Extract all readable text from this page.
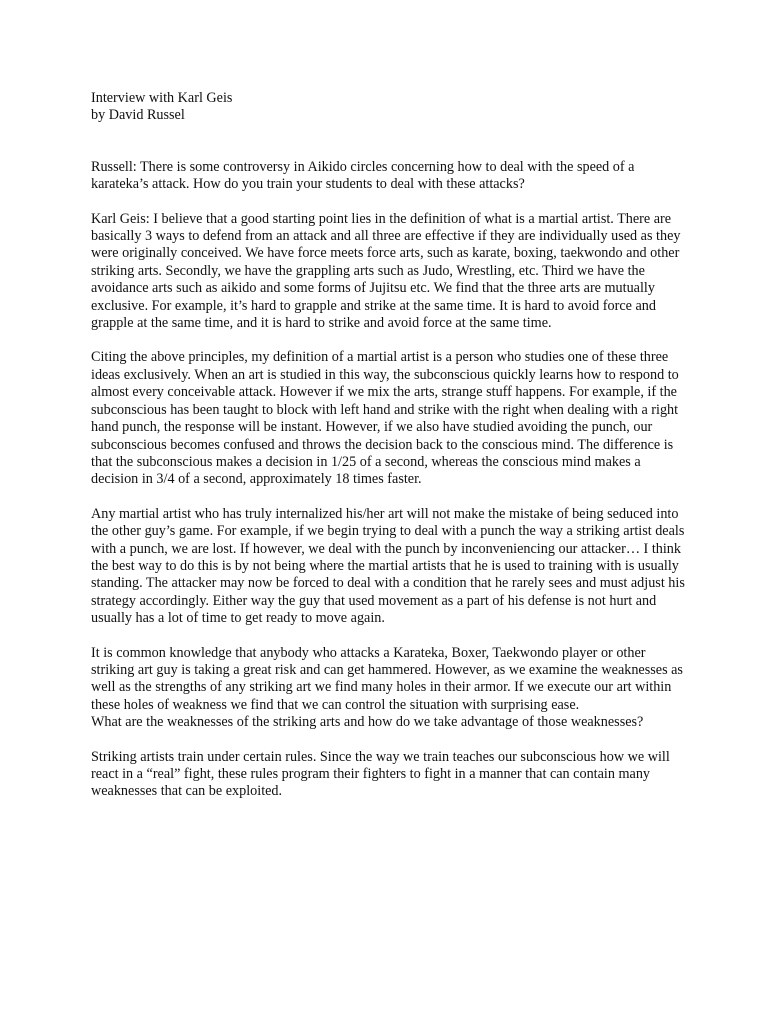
Interview with Karl Geis
by David Russel

Russell: There is some controversy in Aikido circles concerning how to deal with the speed of a karateka’s attack. How do you train your students to deal with these attacks?

Karl Geis: I believe that a good starting point lies in the definition of what is a martial artist. There are basically 3 ways to defend from an attack and all three are effective if they are individually used as they were originally conceived. We have force meets force arts, such as karate, boxing, taekwondo and other striking arts. Secondly, we have the grappling arts such as Judo, Wrestling, etc. Third we have the avoidance arts such as aikido and some forms of Jujitsu etc. We find that the three arts are mutually exclusive. For example, it’s hard to grapple and strike at the same time. It is hard to avoid force and grapple at the same time, and it is hard to strike and avoid force at the same time.

Citing the above principles, my definition of a martial artist is a person who studies one of these three ideas exclusively. When an art is studied in this way, the subconscious quickly learns how to respond to almost every conceivable attack. However if we mix the arts, strange stuff happens. For example, if the subconscious has been taught to block with left hand and strike with the right when dealing with a right hand punch, the response will be instant. However, if we also have studied avoiding the punch, our subconscious becomes confused and throws the decision back to the conscious mind. The difference is that the subconscious makes a decision in 1/25 of a second, whereas the conscious mind makes a decision in 3/4 of a second, approximately 18 times faster.

Any martial artist who has truly internalized his/her art will not make the mistake of being seduced into the other guy’s game. For example, if we begin trying to deal with a punch the way a striking artist deals with a punch, we are lost. If however, we deal with the punch by inconveniencing our attacker… I think the best way to do this is by not being where the martial artists that he is used to training with is usually standing. The attacker may now be forced to deal with a condition that he rarely sees and must adjust his strategy accordingly. Either way the guy that used movement as a part of his defense is not hurt and usually has a lot of time to get ready to move again.

It is common knowledge that anybody who attacks a Karateka, Boxer, Taekwondo player or other striking art guy is taking a great risk and can get hammered. However, as we examine the weaknesses as well as the strengths of any striking art we find many holes in their armor. If we execute our art within these holes of weakness we find that we can control the situation with surprising ease.

What are the weaknesses of the striking arts and how do we take advantage of those weaknesses?

Striking artists train under certain rules. Since the way we train teaches our subconscious how we will react in a “real” fight, these rules program their fighters to fight in a manner that can contain many weaknesses that can be exploited.
